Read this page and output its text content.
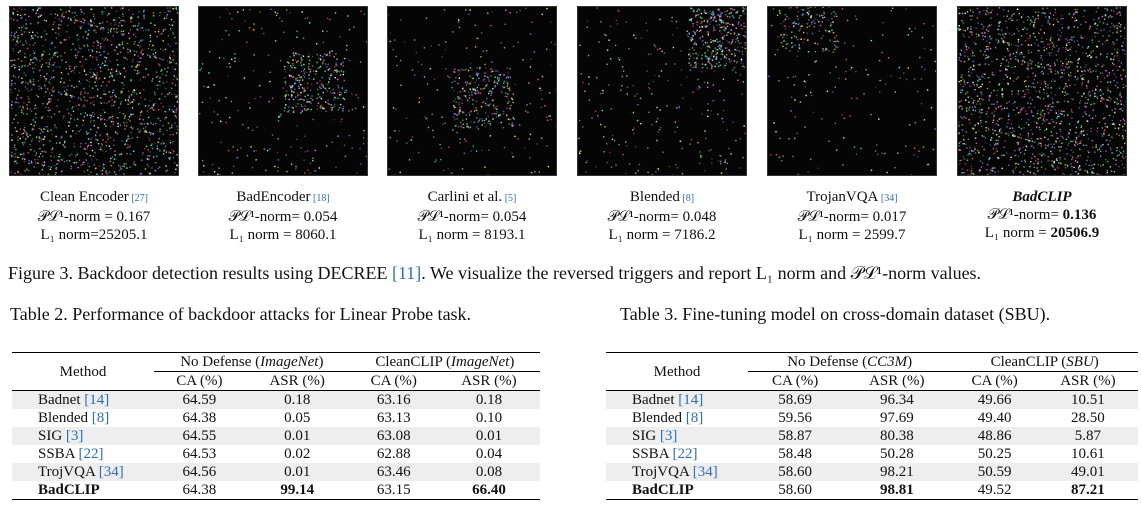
Clean Encoder [27]
𝒫ℒ¹-norm = 0.167
L₁ norm=25205.1
BadEncoder [18]
𝒫ℒ¹-norm= 0.054
L₁ norm = 8060.1
Carlini et al. [5]
𝒫ℒ¹-norm= 0.054
L₁ norm = 8193.1
Blended [8]
𝒫ℒ¹-norm= 0.048
L₁ norm = 7186.2
TrojanVQA [34]
𝒫ℒ¹-norm= 0.017
L₁ norm = 2599.7
BadCLIP
𝒫ℒ¹-norm= 0.136
L₁ norm = 20506.9
Figure 3. Backdoor detection results using DECREE [11]. We visualize the reversed triggers and report L₁ norm and 𝒫ℒ¹-norm values.
Table 2. Performance of backdoor attacks for Linear Probe task.	Table 3. Fine-tuning model on cross-domain dataset (SBU).
Method	No Defense (ImageNet)		CleanCLIP (ImageNet)	
	CA (%)	ASR (%)	CA (%)	ASR (%)
Badnet [14]	64.59	0.18	63.16	0.18
Blended [8]	64.38	0.05	63.13	0.10
SIG [3]	64.55	0.01	63.08	0.01
SSBA [22]	64.53	0.02	62.88	0.04
TrojVQA [34]	64.56	0.01	63.46	0.08
BadCLIP	64.38	99.14	63.15	66.40
Method	No Defense (CC3M)		CleanCLIP (SBU)	
	CA (%)	ASR (%)	CA (%)	ASR (%)
Badnet [14]	58.69	96.34	49.66	10.51
Blended [8]	59.56	97.69	49.40	28.50
SIG [3]	58.87	80.38	48.86	5.87
SSBA [22]	58.48	50.28	50.25	10.61
TrojVQA [34]	58.60	98.21	50.59	49.01
BadCLIP	58.60	98.81	49.52	87.21
